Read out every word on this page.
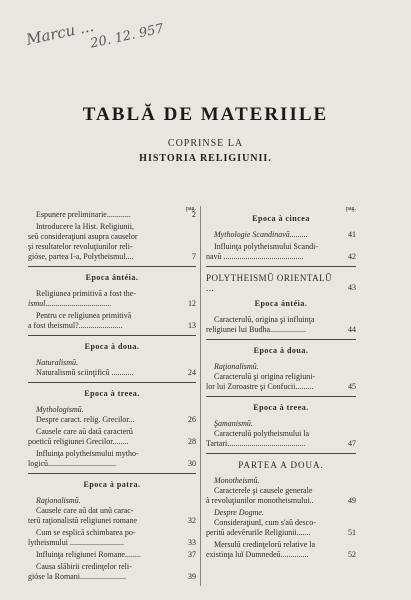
Marcu ...
20. 12. 957
TABLĂ DE MATERIILE
COPRINSE LA
HISTORIA RELIGIUNII.
pag.
Espunere preliminarie............	2
Introducere la Hist. Religiunii,
seŭ consideraţiuni asupra causelor
şi resultatelor revoluţiunilor reli-
gióse, partea I-a, Polytheismul....	7
Epoca ántéia.
Religiunea primitivă a fost the-
ismul.................................	12
Pentru ce religiunea primitivă
a fost theismul?......................	13
Epoca à doua.
Naturalismŭ.
Naturalismŭ sciinţificŭ ...........	24
Epoca à treea.
Mythologismŭ.
Despre caract. relig. Grecilor...	26
Causele care aŭ dată caracterŭ
poeticŭ religiunei Grecilor........	28
Influinţa polytheismului mytho-
logicŭ..................................	30
Epoca à patra.
Raţionalismŭ.
Causele care aŭ dat unŭ carac-
terŭ raţionalistŭ religiunei romane	32
Cum se esplică schimbarea po-
lytheismului ...........................	33
Influinţa religiunei Romane........	37
Causa slăbirii credinţelor reli-
gióse la Romani.......................	39
pag.
Epoca à cincea
Mythologie Scandinavă.........	41
Influinţa polytheismului Scandi-
navŭ ........................................	42
POLYTHEISMŬ ORIENTALŬ ...	43
Epoca ántéia.
Caracterulŭ, origina şi influinţa
religiunei lui Budha..................	44
Epoca à doua.
Raţionalismŭ.
Caracterulŭ şi origina religiuni-
lor lui Zoroastre şi Confucii.........	45
Epoca à treea.
Şamanismŭ.
Caracterulŭ polytheismului la
Tartari.......................................	47
PARTEA A DOUA.
Monotheismŭ.
Caracterele şi causele generale
à revoluţiunilor monotheismului..	49
Despre Dogme.
Consideraţiunĭ, cum s'aŭ desco-
peritŭ adevĕrurile Religiunii.......	51
Mersulŭ credinţelorŭ relative la
existinţa luĭ Dumnedeŭ..............	52
